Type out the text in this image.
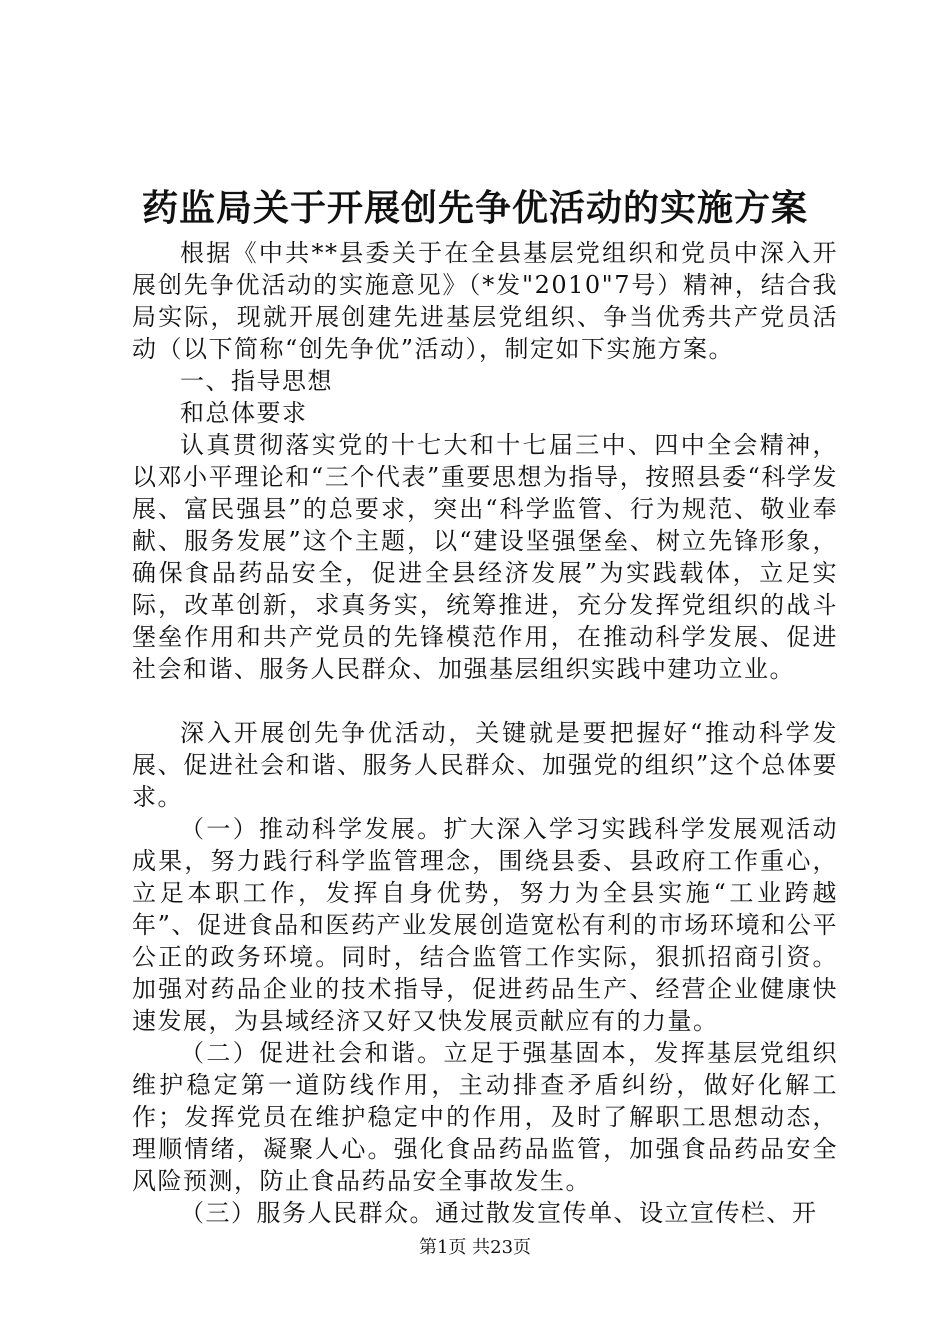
药监局关于开展创先争优活动的实施方案

根据《中共**县委关于在全县基层党组织和党员中深入开展创先争优活动的实施意见》（*发"2010"7号）精神，结合我局实际，现就开展创建先进基层党组织、争当优秀共产党员活动（以下简称“创先争优”活动），制定如下实施方案。

一、指导思想

和总体要求

认真贯彻落实党的十七大和十七届三中、四中全会精神，以邓小平理论和“三个代表”重要思想为指导，按照县委“科学发展、富民强县”的总要求，突出“科学监管、行为规范、敬业奉献、服务发展”这个主题，以“建设坚强堡垒、树立先锋形象，确保食品药品安全，促进全县经济发展”为实践载体，立足实际，改革创新，求真务实，统筹推进，充分发挥党组织的战斗堡垒作用和共产党员的先锋模范作用，在推动科学发展、促进社会和谐、服务人民群众、加强基层组织实践中建功立业。

深入开展创先争优活动，关键就是要把握好“推动科学发展、促进社会和谐、服务人民群众、加强党的组织”这个总体要求。

（一）推动科学发展。扩大深入学习实践科学发展观活动成果，努力践行科学监管理念，围绕县委、县政府工作重心，立足本职工作，发挥自身优势，努力为全县实施“工业跨越年”、促进食品和医药产业发展创造宽松有利的市场环境和公平公正的政务环境。同时，结合监管工作实际，狠抓招商引资。加强对药品企业的技术指导，促进药品生产、经营企业健康快速发展，为县域经济又好又快发展贡献应有的力量。

（二）促进社会和谐。立足于强基固本，发挥基层党组织维护稳定第一道防线作用，主动排查矛盾纠纷，做好化解工作；发挥党员在维护稳定中的作用，及时了解职工思想动态，理顺情绪，凝聚人心。强化食品药品监管，加强食品药品安全风险预测，防止食品药品安全事故发生。

（三）服务人民群众。通过散发宣传单、设立宣传栏、开

第1页 共23页
